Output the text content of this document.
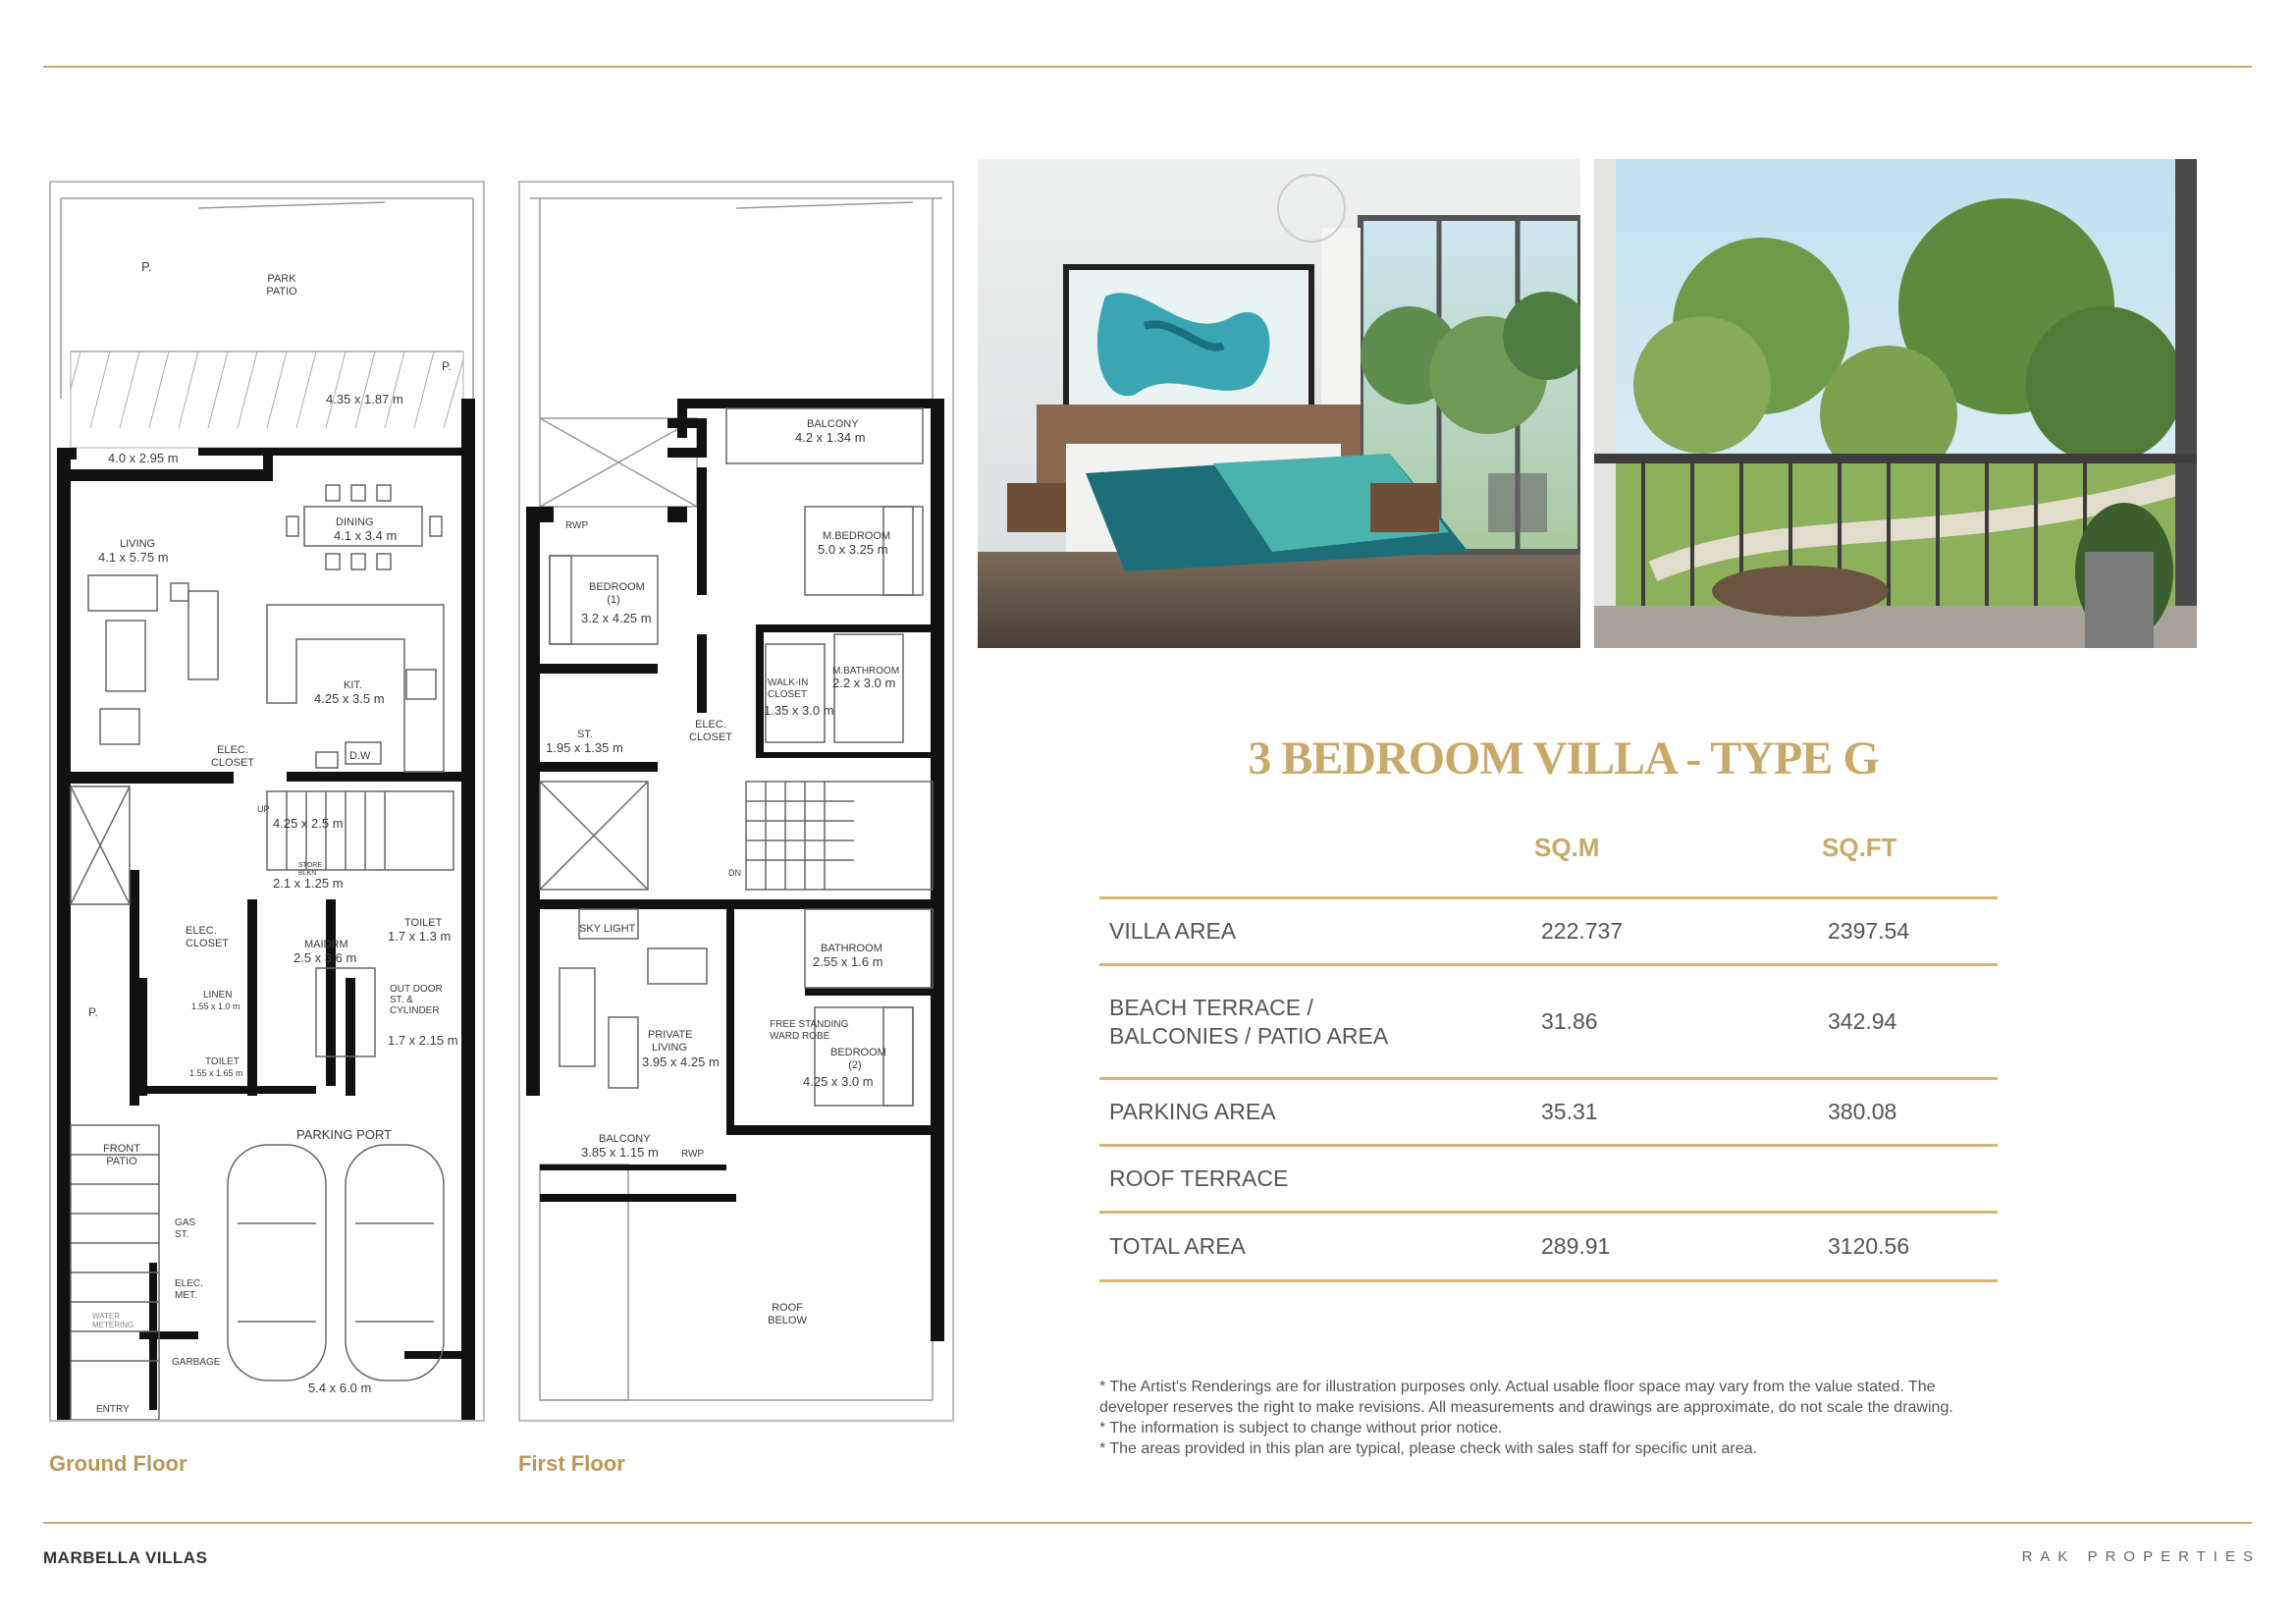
P.
PARK PATIO
P.
4.35 x 1.87 m
4.0 x 2.95 m
DINING
4.1 x 3.4 m
LIVING
4.1 x 5.75 m
KIT.
4.25 x 3.5 m
ELEC. CLOSET
D.W
UP
4.25 x 2.5 m
STORE BLKN
2.1 x 1.25 m
ELEC. CLOSET	MAIDRM
2.5 x 3.6 m
TOILET
1.7 x 1.3 m
LINEN
1.55 x 1.0 m
OUT DOOR ST. & CYLINDER
1.7 x 2.15 m
TOILET
1.55 x 1.65 m
P.
PARKING PORT
5.4 x 6.0 m
FRONT PATIO
GAS ST.
ELEC. MET.
WATER METERING
GARBAGE
ENTRY
BALCONY
4.2 x 1.34 m
RWP
M.BEDROOM
5.0 x 3.25 m
BEDROOM (1)
3.2 x 4.25 m
M.BATHROOM
2.2 x 3.0 m
WALK-IN CLOSET
1.35 x 3.0 m
ELEC. CLOSET
ST.
1.95 x 1.35 m
DN
SKY LIGHT
BATHROOM
2.55 x 1.6 m
PRIVATE LIVING
3.95 x 4.25 m
FREE STANDING WARD ROBE
BEDROOM (2)
4.25 x 3.0 m
BALCONY
3.85 x 1.15 m RWP
ROOF BELOW
Ground Floor	First Floor
3 BEDROOM VILLA - TYPE G
SQ.M	SQ.FT
VILLA AREA	222.737	2397.54

BEACH TERRACE / BALCONIES / PATIO AREA	31.86	342.94
PARKING AREA	35.31	380.08
ROOF TERRACE		
TOTAL AREA	289.91	3120.56
* The Artist's Renderings are for illustration purposes only. Actual usable floor space may vary from the value stated. The developer reserves the right to make revisions. All measurements and drawings are approximate, do not scale the drawing.
* The information is subject to change without prior notice.
* The areas provided in this plan are typical, please check with sales staff for specific unit area.
MARBELLA VILLAS	RAK PROPERTIES
